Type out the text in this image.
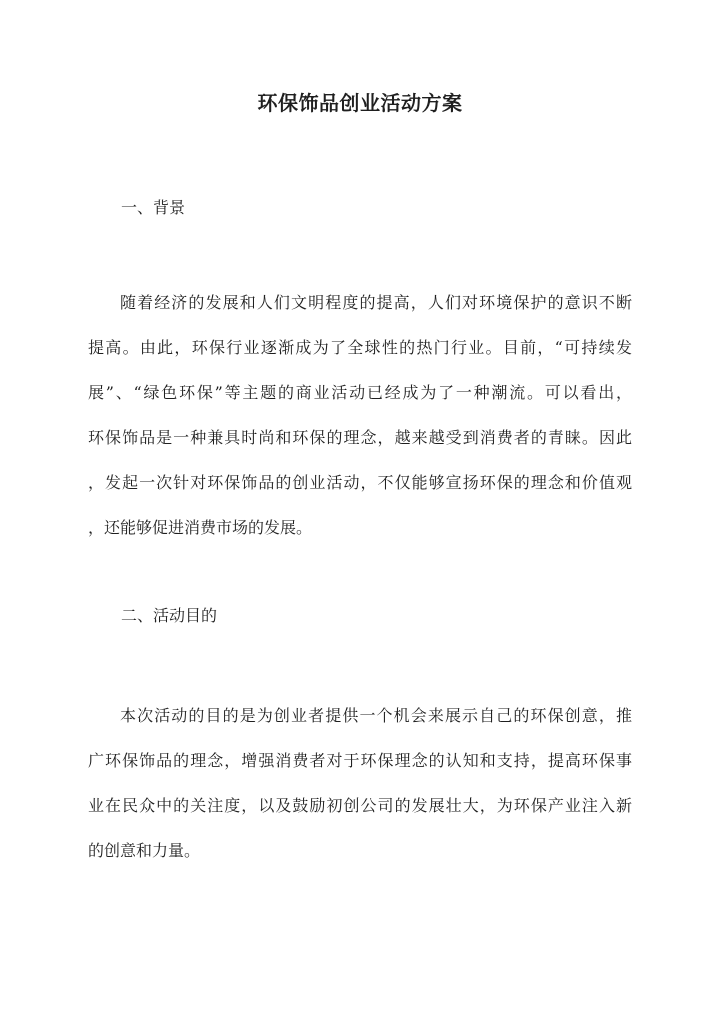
环保饰品创业活动方案
一、背景
随着经济的发展和人们文明程度的提高，人们对环境保护的意识不断
提高。由此，环保行业逐渐成为了全球性的热门行业。目前，“可持续发
展”、“绿色环保”等主题的商业活动已经成为了一种潮流。可以看出，
环保饰品是一种兼具时尚和环保的理念，越来越受到消费者的青睐。因此
，发起一次针对环保饰品的创业活动，不仅能够宣扬环保的理念和价值观
，还能够促进消费市场的发展。
二、活动目的
本次活动的目的是为创业者提供一个机会来展示自己的环保创意，推
广环保饰品的理念，增强消费者对于环保理念的认知和支持，提高环保事
业在民众中的关注度，以及鼓励初创公司的发展壮大，为环保产业注入新
的创意和力量。
